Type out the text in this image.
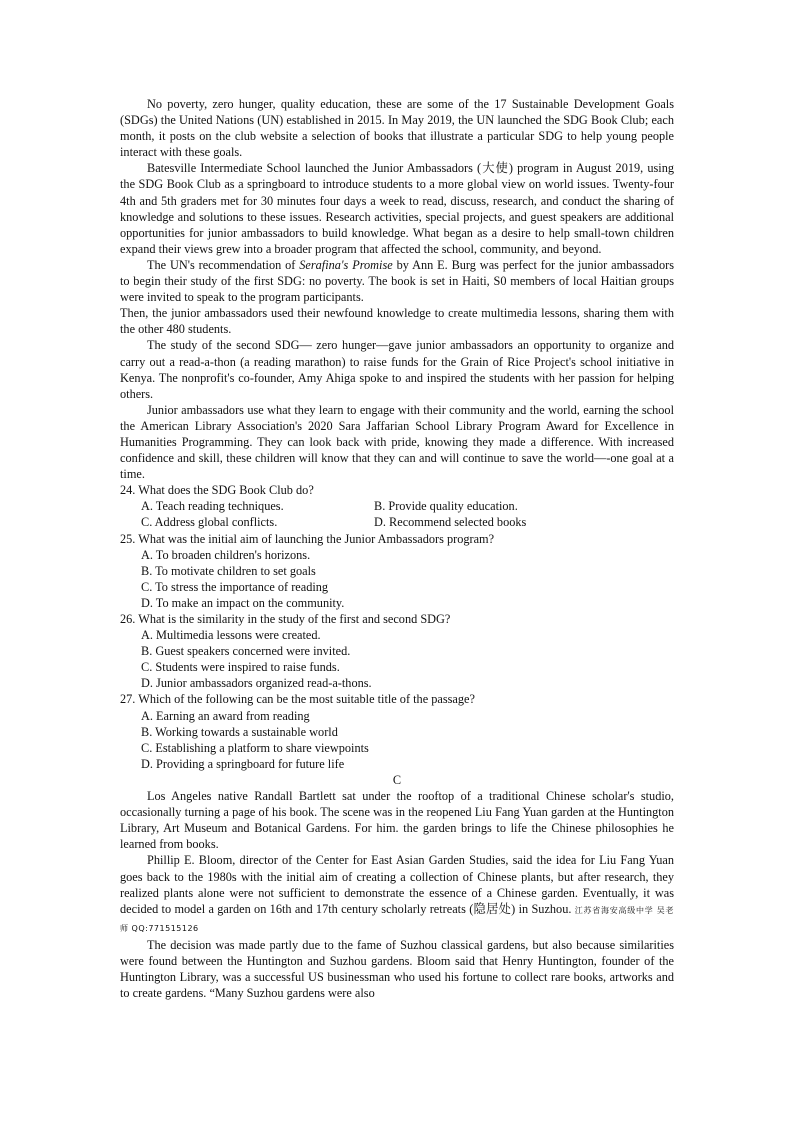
No poverty, zero hunger, quality education, these are some of the 17 Sustainable Development Goals (SDGs) the United Nations (UN) established in 2015. In May 2019, the UN launched the SDG Book Club; each month, it posts on the club website a selection of books that illustrate a particular SDG to help young people interact with these goals.

Batesville Intermediate School launched the Junior Ambassadors (大使) program in August 2019, using the SDG Book Club as a springboard to introduce students to a more global view on world issues. Twenty-four 4th and 5th graders met for 30 minutes four days a week to read, discuss, research, and conduct the sharing of knowledge and solutions to these issues. Research activities, special projects, and guest speakers are additional opportunities for junior ambassadors to build knowledge. What began as a desire to help small-town children expand their views grew into a broader program that affected the school, community, and beyond.

The UN's recommendation of Serafina's Promise by Ann E. Burg was perfect for the junior ambassadors to begin their study of the first SDG: no poverty. The book is set in Haiti, S0 members of local Haitian groups were invited to speak to the program participants.

Then, the junior ambassadors used their newfound knowledge to create multimedia lessons, sharing them with the other 480 students.

The study of the second SDG— zero hunger—gave junior ambassadors an opportunity to organize and carry out a read-a-thon (a reading marathon) to raise funds for the Grain of Rice Project's school initiative in Kenya. The nonprofit's co-founder, Amy Ahiga spoke to and inspired the students with her passion for helping others.

Junior ambassadors use what they learn to engage with their community and the world, earning the school the American Library Association's 2020 Sara Jaffarian School Library Program Award for Excellence in Humanities Programming. They can look back with pride, knowing they made a difference. With increased confidence and skill, these children will know that they can and will continue to save the world—-one goal at a time.

24. What does the SDG Book Club do?

A. Teach reading techniques.	B. Provide quality education.
C. Address global conflicts.	D. Recommend selected books

25. What was the initial aim of launching the Junior Ambassadors program?

A. To broaden children's horizons.

B. To motivate children to set goals

C. To stress the importance of reading

D. To make an impact on the community.

26. What is the similarity in the study of the first and second SDG?

A. Multimedia lessons were created.

B. Guest speakers concerned were invited.

C. Students were inspired to raise funds.

D. Junior ambassadors organized read-a-thons.

27. Which of the following can be the most suitable title of the passage?

A. Earning an award from reading

B. Working towards a sustainable world

C. Establishing a platform to share viewpoints

D. Providing a springboard for future life

C

Los Angeles native Randall Bartlett sat under the rooftop of a traditional Chinese scholar's studio, occasionally turning a page of his book. The scene was in the reopened Liu Fang Yuan garden at the Huntington Library, Art Museum and Botanical Gardens. For him. the garden brings to life the Chinese philosophies he learned from books.

Phillip E. Bloom, director of the Center for East Asian Garden Studies, said the idea for Liu Fang Yuan goes back to the 1980s with the initial aim of creating a collection of Chinese plants, but after research, they realized plants alone were not sufficient to demonstrate the essence of a Chinese garden. Eventually, it was decided to model a garden on 16th and 17th century scholarly retreats (隐居处) in Suzhou. 江苏省海安高级中学 吴老师 QQ:771515126

The decision was made partly due to the fame of Suzhou classical gardens, but also because similarities were found between the Huntington and Suzhou gardens. Bloom said that Henry Huntington, founder of the Huntington Library, was a successful US businessman who used his fortune to collect rare books, artworks and to create gardens. “Many Suzhou gardens were also
